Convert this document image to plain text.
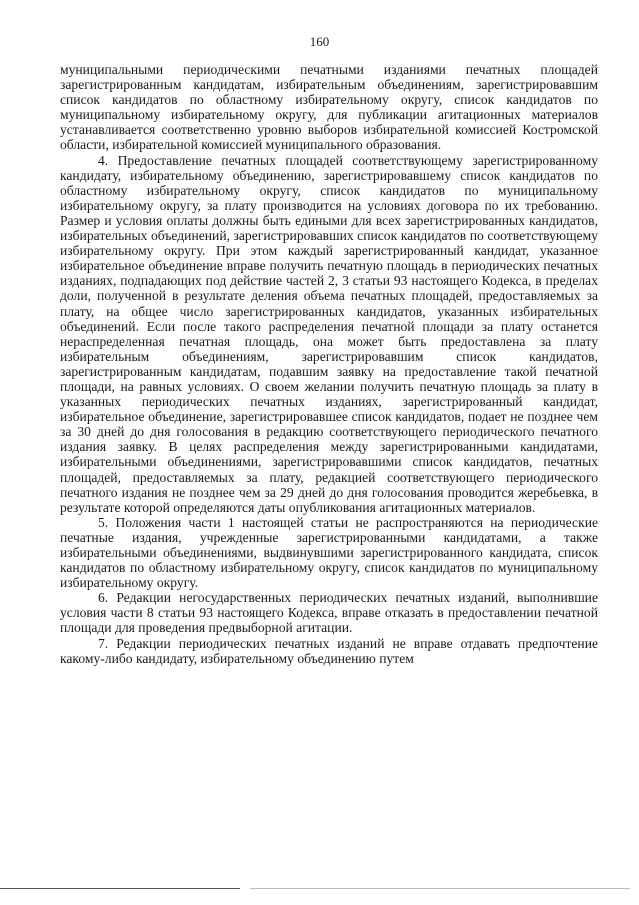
160

муниципальными периодическими печатными изданиями печатных площадей зарегистрированным кандидатам, избирательным объединениям, зарегистрировавшим список кандидатов по областному избирательному округу, список кандидатов по муниципальному избирательному округу, для публикации агитационных материалов устанавливается соответственно уровню выборов избирательной комиссией Костромской области, избирательной комиссией муниципального образования.

4. Предоставление печатных площадей соответствующему зарегистрированному кандидату, избирательному объединению, зарегистрировавшему список кандидатов по областному избирательному округу, список кандидатов по муниципальному избирательному округу, за плату производится на условиях договора по их требованию. Размер и условия оплаты должны быть едиными для всех зарегистрированных кандидатов, избирательных объединений, зарегистрировавших список кандидатов по соответствующему избирательному округу. При этом каждый зарегистрированный кандидат, указанное избирательное объединение вправе получить печатную площадь в периодических печатных изданиях, подпадающих под действие частей 2, 3 статьи 93 настоящего Кодекса, в пределах доли, полученной в результате деления объема печатных площадей, предоставляемых за плату, на общее число зарегистрированных кандидатов, указанных избирательных объединений. Если после такого распределения печатной площади за плату останется нераспределенная печатная площадь, она может быть предоставлена за плату избирательным объединениям, зарегистрировавшим список кандидатов, зарегистрированным кандидатам, подавшим заявку на предоставление такой печатной площади, на равных условиях. О своем желании получить печатную площадь за плату в указанных периодических печатных изданиях, зарегистрированный кандидат, избирательное объединение, зарегистрировавшее список кандидатов, подает не позднее чем за 30 дней до дня голосования в редакцию соответствующего периодического печатного издания заявку. В целях распределения между зарегистрированными кандидатами, избирательными объединениями, зарегистрировавшими список кандидатов, печатных площадей, предоставляемых за плату, редакцией соответствующего периодического печатного издания не позднее чем за 29 дней до дня голосования проводится жеребьевка, в результате которой определяются даты опубликования агитационных материалов.

5. Положения части 1 настоящей статьи не распространяются на периодические печатные издания, учрежденные зарегистрированными кандидатами, а также избирательными объединениями, выдвинувшими зарегистрированного кандидата, список кандидатов по областному избирательному округу, список кандидатов по муниципальному избирательному округу.

6. Редакции негосударственных периодических печатных изданий, выполнившие условия части 8 статьи 93 настоящего Кодекса, вправе отказать в предоставлении печатной площади для проведения предвыборной агитации.

7. Редакции периодических печатных изданий не вправе отдавать предпочтение какому-либо кандидату, избирательному объединению путем
